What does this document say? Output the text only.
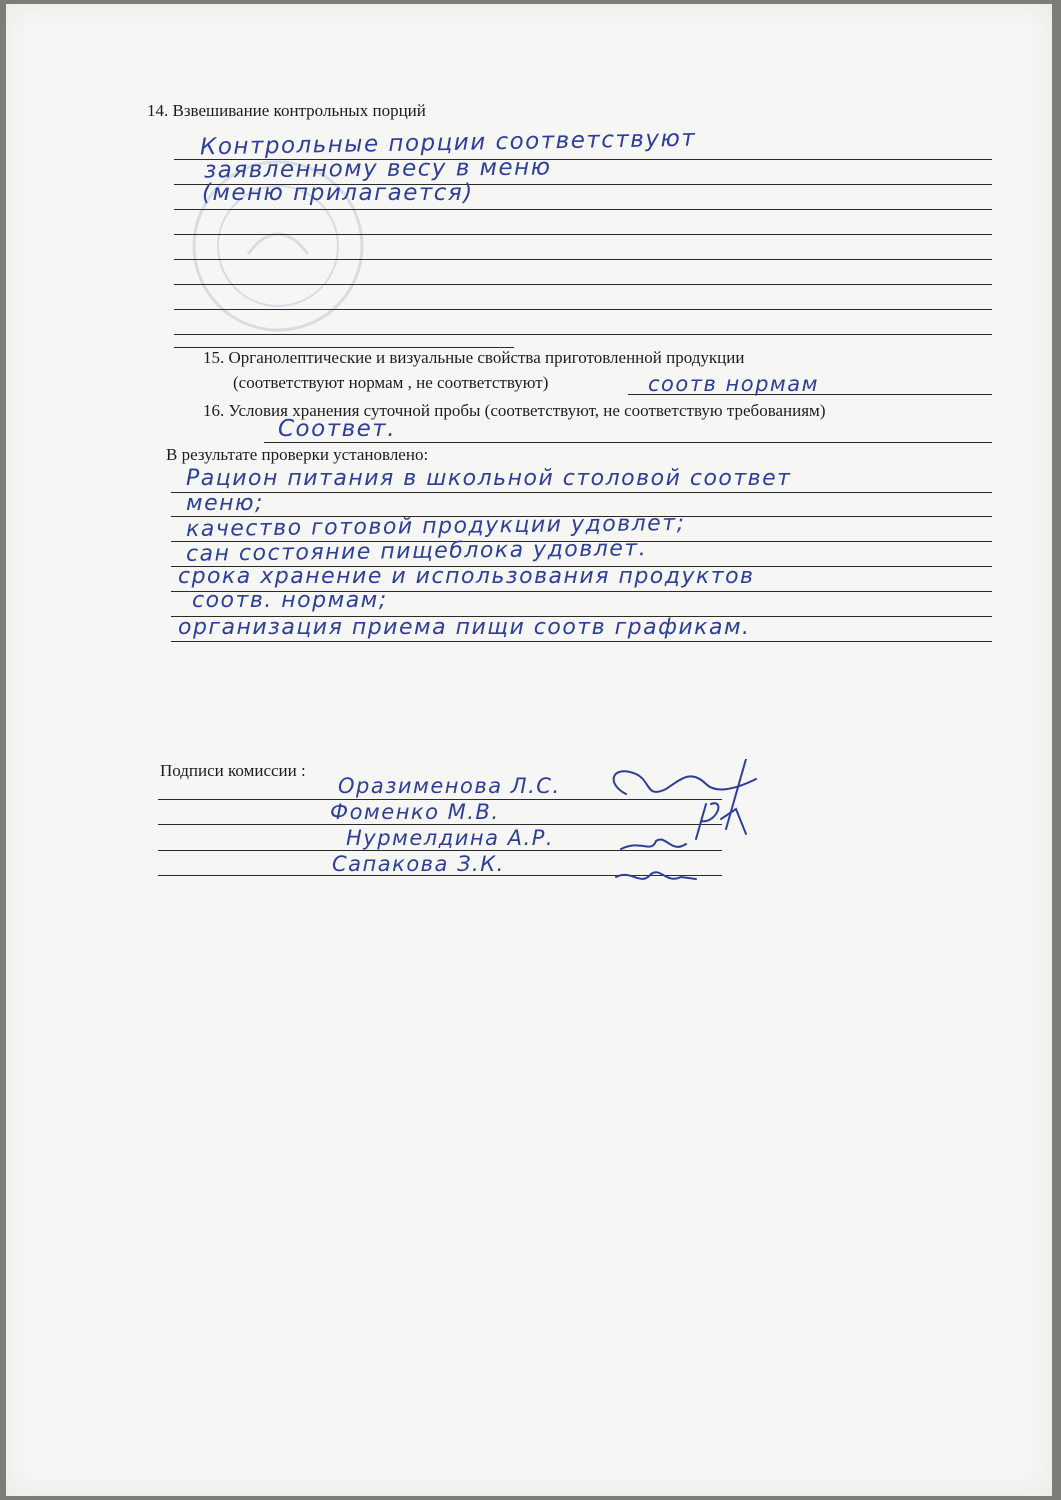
14. Взвешивание контрольных порций
Контрольные порции соответствуют
заявленному весу в меню
(меню прилагается)
15. Органолептические и визуальные свойства приготовленной продукции
(соответствуют нормам , не соответствуют)	соотв нормам
16. Условия хранения суточной пробы (соответствуют, не соответствую требованиям)
Соответ.
В результате проверки установлено:
Рацион питания в школьной столовой соответ
меню;
качество готовой продукции удовлет;
сан состояние пищеблока удовлет.
срока хранение и использования продуктов
соотв. нормам;
организация приема пищи соотв графикам.
Подписи комиссии :
Оразименова Л.С.
Фоменко М.В.
Нурмелдина А.Р.
Сапакова З.К.
